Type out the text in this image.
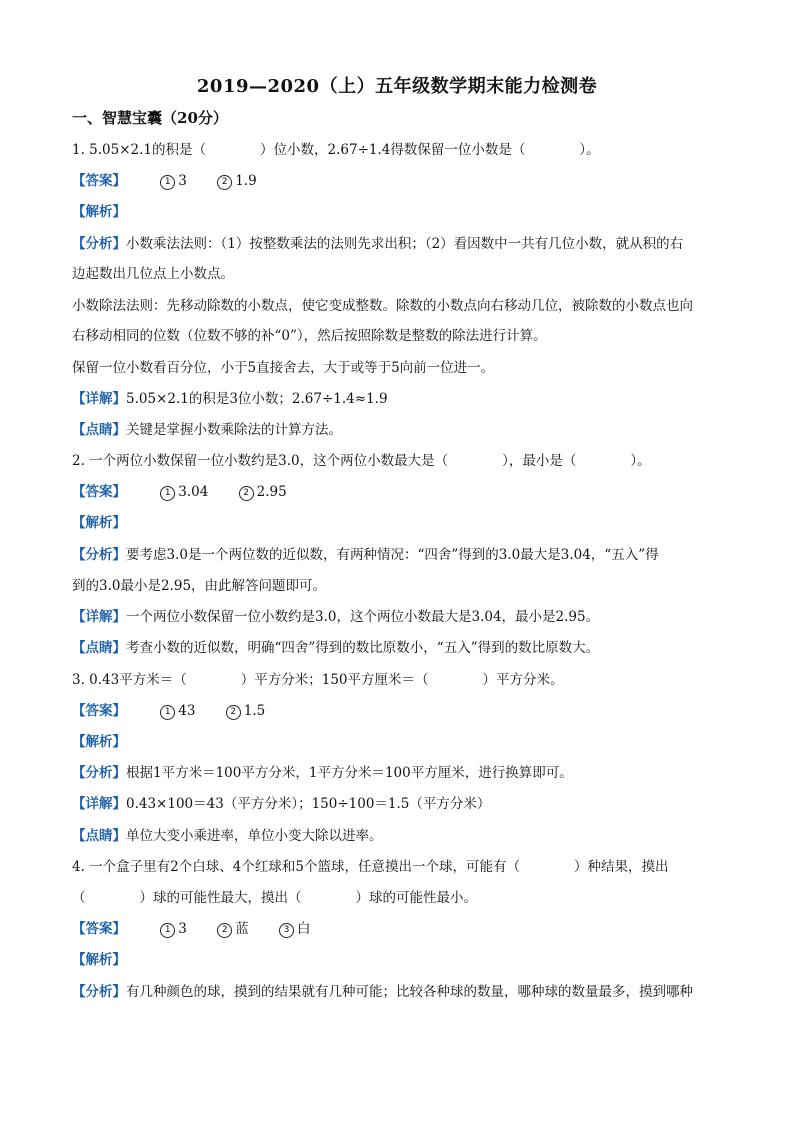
2019—2020（上）五年级数学期末能力检测卷
一、智慧宝囊（20分）
1. 5.05×2.1的积是（　　　　）位小数，2.67÷1.4得数保留一位小数是（　　　　）。
【答案】	1 3	2 1.9
【解析】
【分析】小数乘法法则：（1）按整数乘法的法则先求出积；（2）看因数中一共有几位小数，就从积的右
边起数出几位点上小数点。
小数除法法则：先移动除数的小数点，使它变成整数。除数的小数点向右移动几位，被除数的小数点也向
右移动相同的位数（位数不够的补“0”），然后按照除数是整数的除法进行计算。
保留一位小数看百分位，小于5直接舍去，大于或等于5向前一位进一。
【详解】5.05×2.1的积是3位小数；2.67÷1.4≈1.9
【点睛】关键是掌握小数乘除法的计算方法。
2. 一个两位小数保留一位小数约是3.0，这个两位小数最大是（　　　　），最小是（　　　　）。
【答案】	1 3.04	2 2.95
【解析】
【分析】要考虑3.0是一个两位数的近似数，有两种情况：“四舍”得到的3.0最大是3.04，“五入”得
到的3.0最小是2.95，由此解答问题即可。
【详解】一个两位小数保留一位小数约是3.0，这个两位小数最大是3.04，最小是2.95。
【点睛】考查小数的近似数，明确“四舍”得到的数比原数小，“五入”得到的数比原数大。
3. 0.43平方米＝（　　　　）平方分米；150平方厘米＝（　　　　）平方分米。
【答案】	1 43	2 1.5
【解析】
【分析】根据1平方米＝100平方分米，1平方分米＝100平方厘米，进行换算即可。
【详解】0.43×100＝43（平方分米）；150÷100＝1.5（平方分米）
【点睛】单位大变小乘进率，单位小变大除以进率。
4. 一个盒子里有2个白球、4个红球和5个篮球，任意摸出一个球，可能有（　　　　）种结果，摸出
（　　　　）球的可能性最大，摸出（　　　　）球的可能性最小。
【答案】	1 3	2 蓝	3 白
【解析】
【分析】有几种颜色的球，摸到的结果就有几种可能；比较各种球的数量，哪种球的数量最多，摸到哪种
